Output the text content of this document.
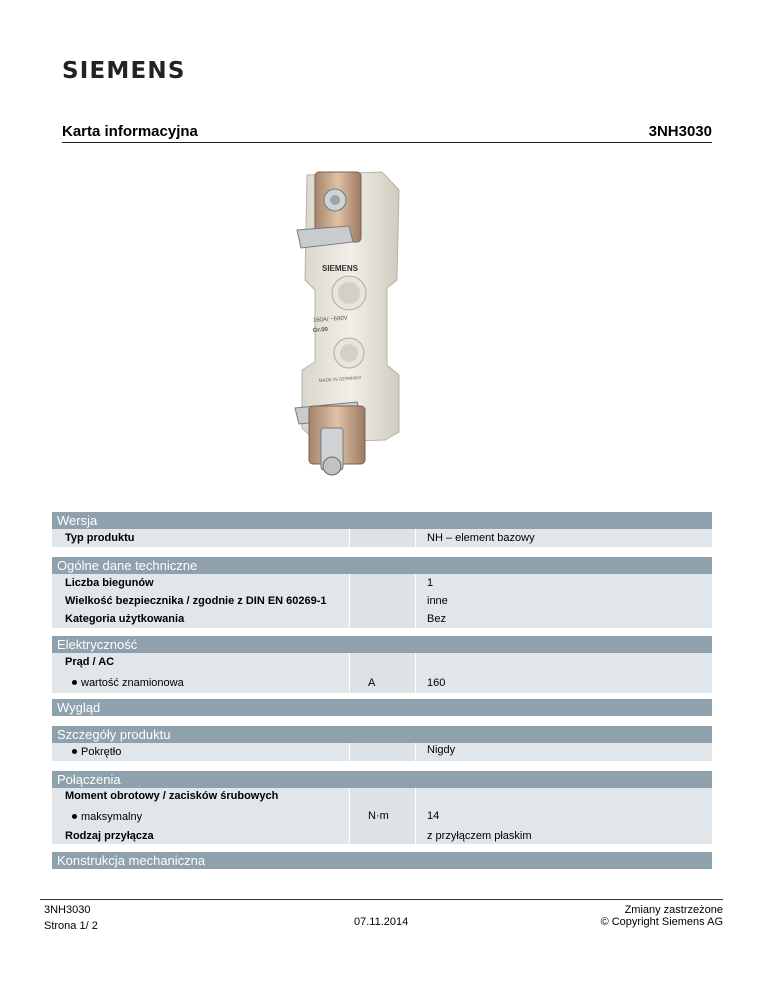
SIEMENS
Karta informacyjna	3NH3030
SIEMENS
160A/ ~690V
Gr.00
MADE IN GERMANY
Wersja
Typ produktu	NH – element bazowy
Ogólne dane techniczne
Liczba biegunów	1
Wielkość bezpiecznika / zgodnie z DIN EN 60269-1	inne
Kategoria użytkowania	Bez
Elektryczność
Prąd / AC
wartość znamionowa	A	160
Wygląd
Szczegóły produktu
Pokrętło	Nigdy
Połączenia
Moment obrotowy / zacisków śrubowych
maksymalny	N·m	14
Rodzaj przyłącza	z przyłączem płaskim
Konstrukcja mechaniczna
3NH3030
Strona 1/ 2	07.11.2014
Zmiany zastrzeżone
© Copyright Siemens AG
